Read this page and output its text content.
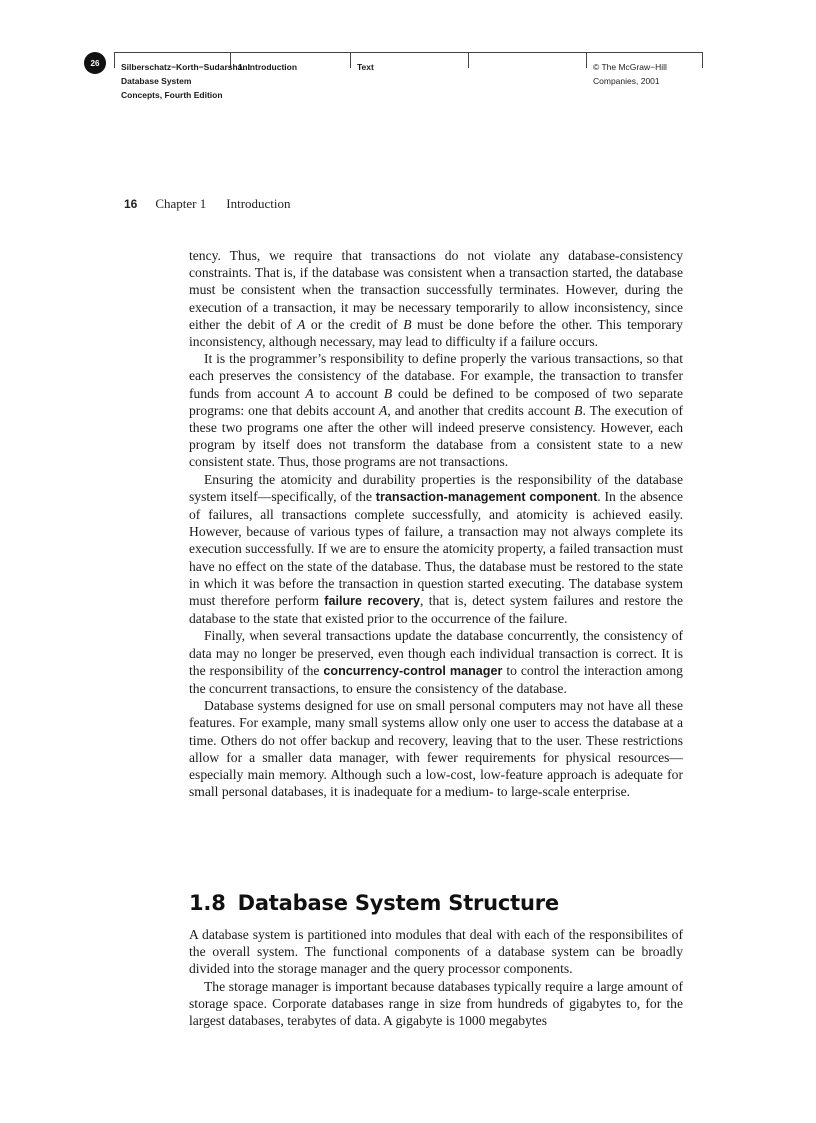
26	Silberschatz−Korth−Sudarshan:
Database System
Concepts, Fourth Edition
1. Introduction	Text	© The McGraw−Hill
Companies, 2001
16 Chapter 1 Introduction

tency. Thus, we require that transactions do not violate any database-consistency constraints. That is, if the database was consistent when a transaction started, the database must be consistent when the transaction successfully terminates. However, during the execution of a transaction, it may be necessary temporarily to allow inconsistency, since either the debit of A or the credit of B must be done before the other. This temporary inconsistency, although necessary, may lead to difficulty if a failure occurs.

It is the programmer’s responsibility to define properly the various transactions, so that each preserves the consistency of the database. For example, the transaction to transfer funds from account A to account B could be defined to be composed of two separate programs: one that debits account A, and another that credits account B. The execution of these two programs one after the other will indeed preserve consistency. However, each program by itself does not transform the database from a consistent state to a new consistent state. Thus, those programs are not transactions.

Ensuring the atomicity and durability properties is the responsibility of the database system itself—specifically, of the transaction-management component. In the absence of failures, all transactions complete successfully, and atomicity is achieved easily. However, because of various types of failure, a transaction may not always complete its execution successfully. If we are to ensure the atomicity property, a failed transaction must have no effect on the state of the database. Thus, the database must be restored to the state in which it was before the transaction in question started executing. The database system must therefore perform failure recovery, that is, detect system failures and restore the database to the state that existed prior to the occurrence of the failure.

Finally, when several transactions update the database concurrently, the consistency of data may no longer be preserved, even though each individual transaction is correct. It is the responsibility of the concurrency-control manager to control the interaction among the concurrent transactions, to ensure the consistency of the database.

Database systems designed for use on small personal computers may not have all these features. For example, many small systems allow only one user to access the database at a time. Others do not offer backup and recovery, leaving that to the user. These restrictions allow for a smaller data manager, with fewer requirements for physical resources—especially main memory. Although such a low-cost, low-feature approach is adequate for small personal databases, it is inadequate for a medium- to large-scale enterprise.

1.8 Database System Structure

A database system is partitioned into modules that deal with each of the responsibilites of the overall system. The functional components of a database system can be broadly divided into the storage manager and the query processor components.

The storage manager is important because databases typically require a large amount of storage space. Corporate databases range in size from hundreds of gigabytes to, for the largest databases, terabytes of data. A gigabyte is 1000 megabytes
